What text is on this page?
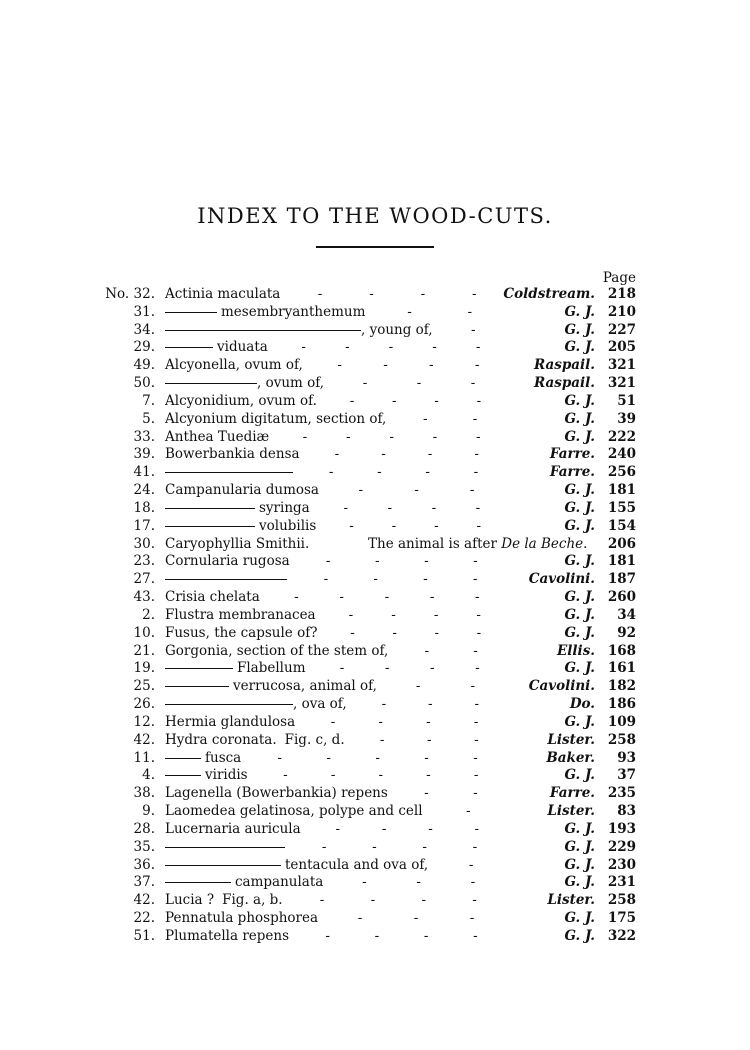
INDEX TO THE WOOD-CUTS.
Page
No. 32. Actinia maculata	-	-	-	-	Coldstream. 218
31.	mesembryanthemum	-	-	G. J. 210
34.	, young of,	-	G. J. 227
29.	viduata	-	-	-	-	-	G. J. 205
49. Alcyonella, ovum of,	-	-	-	-	Raspail. 321
50.	, ovum of,	-	-	-	Raspail. 321
7. Alcyonidium, ovum of.	-	-	-	-	G. J. 51
5. Alcyonium digitatum, section of,	-	-	G. J. 39
33. Anthea Tuediæ	-	-	-	-	-	G. J. 222
39. Bowerbankia densa	-	-	-	-	Farre. 240
41.	-	-	-	-	Farre. 256
24. Campanularia dumosa	-	-	-	G. J. 181
18.	syringa	-	-	-	-	G. J. 155
17.	volubilis	-	-	-	-	G. J. 154
30. Caryophyllia Smithii.	The animal is after De la Beche. 206
23. Cornularia rugosa	-	-	-	-	G. J. 181
27.	-	-	-	-	Cavolini. 187
43. Crisia chelata	-	-	-	-	-	G. J. 260
2. Flustra membranacea	-	-	-	-	G. J. 34
10. Fusus, the capsule of?	-	-	-	-	G. J. 92
21. Gorgonia, section of the stem of,	-	-	Ellis. 168
19.	Flabellum	-	-	-	-	G. J. 161
25.	verrucosa, animal of,	-	-	Cavolini. 182
26.	, ova of,	-	-	-	Do. 186
12. Hermia glandulosa	-	-	-	-	G. J. 109
42. Hydra coronata. Fig. c, d.	-	-	-	Lister. 258
11.	fusca	-	-	-	-	-	Baker. 93
4.	viridis	-	-	-	-	-	G. J. 37
38. Lagenella (Bowerbankia) repens	-	-	Farre. 235
9. Laomedea gelatinosa, polype and cell	-	Lister. 83
28. Lucernaria auricula	-	-	-	-	G. J. 193
35.	-	-	-	-	G. J. 229
36.	tentacula and ova of,	-	G. J. 230
37.	campanulata	-	-	-	G. J. 231
42. Lucia ? Fig. a, b.	-	-	-	-	Lister. 258
22. Pennatula phosphorea	-	-	-	G. J. 175
51. Plumatella repens	-	-	-	-	G. J. 322
